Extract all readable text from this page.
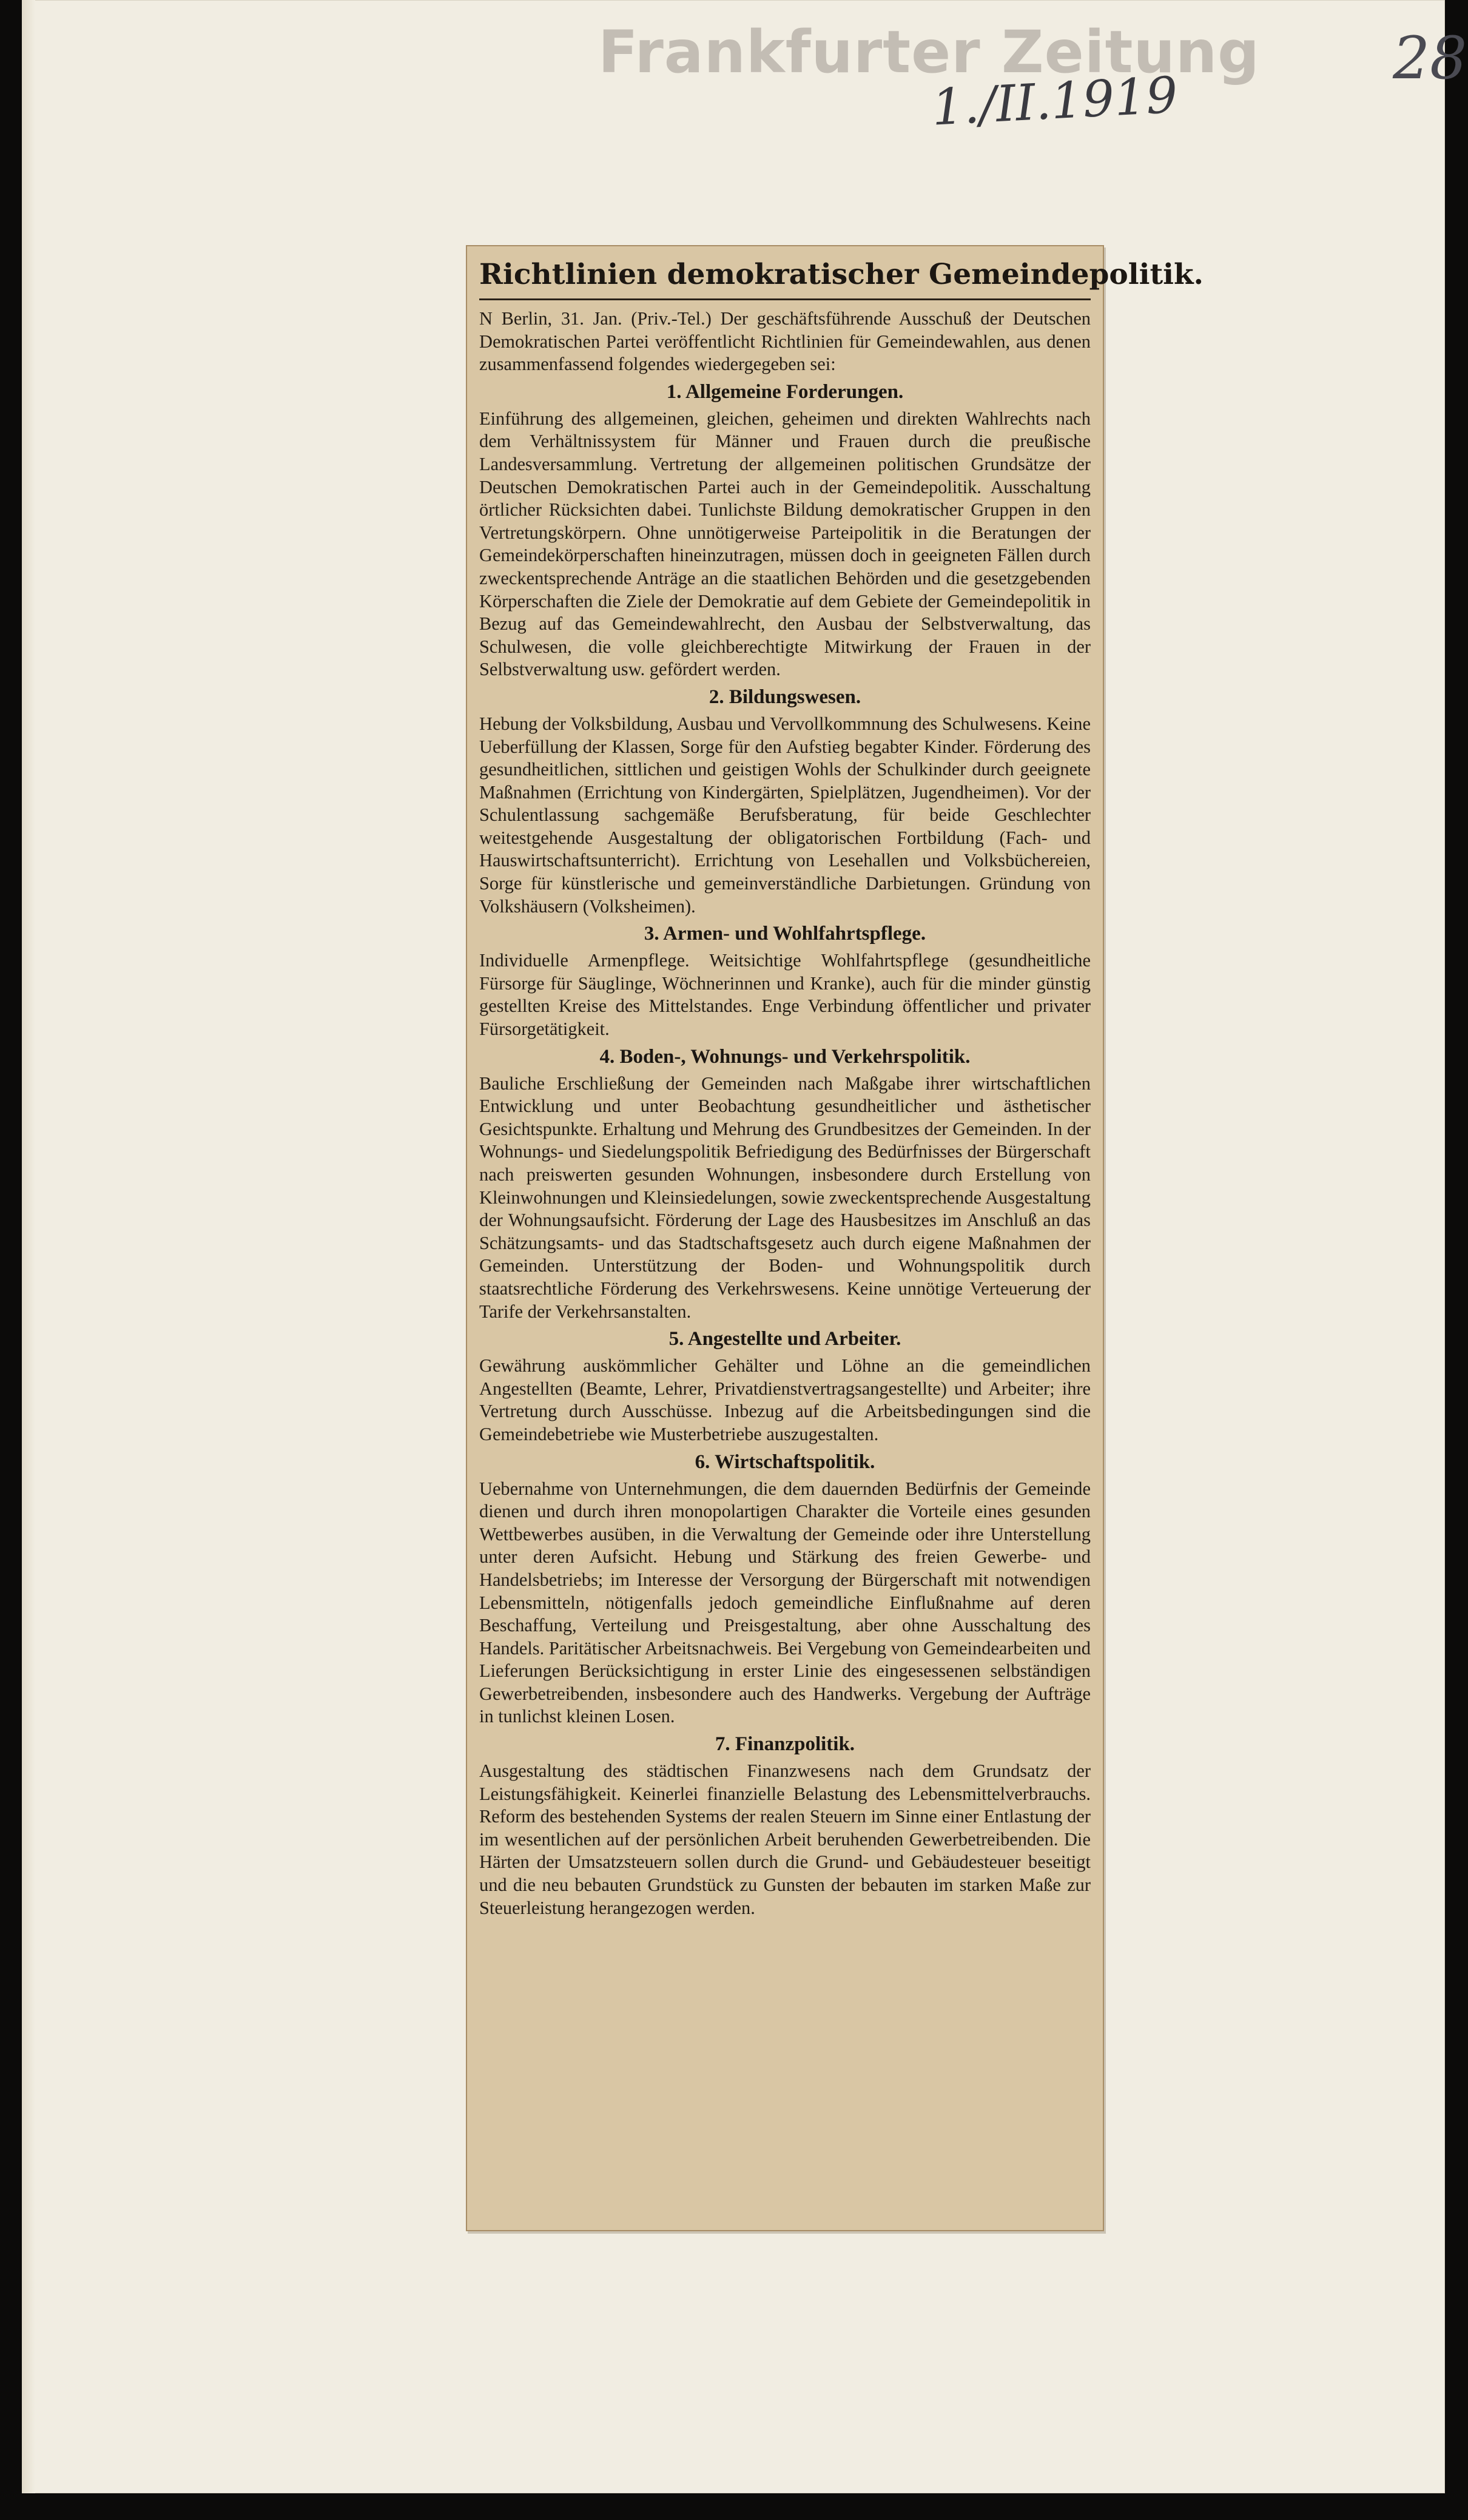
Frankfurter Zeitung
1./II.1919
28
Richtlinien demokratischer Gemeindepolitik.

N Berlin, 31. Jan. (Priv.-Tel.) Der geschäftsführende Ausschuß der Deutschen Demokratischen Partei veröffentlicht Richtlinien für Gemeindewahlen, aus denen zusammenfassend folgendes wiedergegeben sei:

1. Allgemeine Forderungen.

Einführung des allgemeinen, gleichen, geheimen und direkten Wahlrechts nach dem Verhältnissystem für Männer und Frauen durch die preußische Landesversammlung. Vertretung der allgemeinen politischen Grundsätze der Deutschen Demokratischen Partei auch in der Gemeindepolitik. Ausschaltung örtlicher Rücksichten dabei. Tunlichste Bildung demokratischer Gruppen in den Vertretungskörpern. Ohne unnötigerweise Parteipolitik in die Beratungen der Gemeindekörperschaften hineinzutragen, müssen doch in geeigneten Fällen durch zweckentsprechende Anträge an die staatlichen Behörden und die gesetzgebenden Körperschaften die Ziele der Demokratie auf dem Gebiete der Gemeindepolitik in Bezug auf das Gemeindewahlrecht, den Ausbau der Selbstverwaltung, das Schulwesen, die volle gleichberechtigte Mitwirkung der Frauen in der Selbstverwaltung usw. gefördert werden.

2. Bildungswesen.

Hebung der Volksbildung, Ausbau und Vervollkommnung des Schulwesens. Keine Ueberfüllung der Klassen, Sorge für den Aufstieg begabter Kinder. Förderung des gesundheitlichen, sittlichen und geistigen Wohls der Schulkinder durch geeignete Maßnahmen (Errichtung von Kindergärten, Spielplätzen, Jugendheimen). Vor der Schulentlassung sachgemäße Berufsberatung, für beide Geschlechter weitestgehende Ausgestaltung der obligatorischen Fortbildung (Fach- und Hauswirtschaftsunterricht). Errichtung von Lesehallen und Volksbüchereien, Sorge für künstlerische und gemeinverständliche Darbietungen. Gründung von Volkshäusern (Volksheimen).

3. Armen- und Wohlfahrtspflege.

Individuelle Armenpflege. Weitsichtige Wohlfahrtspflege (gesundheitliche Fürsorge für Säuglinge, Wöchnerinnen und Kranke), auch für die minder günstig gestellten Kreise des Mittelstandes. Enge Verbindung öffentlicher und privater Fürsorgetätigkeit.

4. Boden-, Wohnungs- und Verkehrspolitik.

Bauliche Erschließung der Gemeinden nach Maßgabe ihrer wirtschaftlichen Entwicklung und unter Beobachtung gesundheitlicher und ästhetischer Gesichtspunkte. Erhaltung und Mehrung des Grundbesitzes der Gemeinden. In der Wohnungs- und Siedelungspolitik Befriedigung des Bedürfnisses der Bürgerschaft nach preiswerten gesunden Wohnungen, insbesondere durch Erstellung von Kleinwohnungen und Kleinsiedelungen, sowie zweckentsprechende Ausgestaltung der Wohnungsaufsicht. Förderung der Lage des Hausbesitzes im Anschluß an das Schätzungsamts- und das Stadtschaftsgesetz auch durch eigene Maßnahmen der Gemeinden. Unterstützung der Boden- und Wohnungspolitik durch staatsrechtliche Förderung des Verkehrswesens. Keine unnötige Verteuerung der Tarife der Verkehrsanstalten.

5. Angestellte und Arbeiter.

Gewährung auskömmlicher Gehälter und Löhne an die gemeindlichen Angestellten (Beamte, Lehrer, Privatdienstvertragsangestellte) und Arbeiter; ihre Vertretung durch Ausschüsse. Inbezug auf die Arbeitsbedingungen sind die Gemeindebetriebe wie Musterbetriebe auszugestalten.

6. Wirtschaftspolitik.

Uebernahme von Unternehmungen, die dem dauernden Bedürfnis der Gemeinde dienen und durch ihren monopolartigen Charakter die Vorteile eines gesunden Wettbewerbes ausüben, in die Verwaltung der Gemeinde oder ihre Unterstellung unter deren Aufsicht. Hebung und Stärkung des freien Gewerbe- und Handelsbetriebs; im Interesse der Versorgung der Bürgerschaft mit notwendigen Lebensmitteln, nötigenfalls jedoch gemeindliche Einflußnahme auf deren Beschaffung, Verteilung und Preisgestaltung, aber ohne Ausschaltung des Handels. Paritätischer Arbeitsnachweis. Bei Vergebung von Gemeindearbeiten und Lieferungen Berücksichtigung in erster Linie des eingesessenen selbständigen Gewerbetreibenden, insbesondere auch des Handwerks. Vergebung der Aufträge in tunlichst kleinen Losen.

7. Finanzpolitik.

Ausgestaltung des städtischen Finanzwesens nach dem Grundsatz der Leistungsfähigkeit. Keinerlei finanzielle Belastung des Lebensmittelverbrauchs. Reform des bestehenden Systems der realen Steuern im Sinne einer Entlastung der im wesentlichen auf der persönlichen Arbeit beruhenden Gewerbetreibenden. Die Härten der Umsatzsteuern sollen durch die Grund- und Gebäudesteuer beseitigt und die neu bebauten Grundstück zu Gunsten der bebauten im starken Maße zur Steuerleistung herangezogen werden.
